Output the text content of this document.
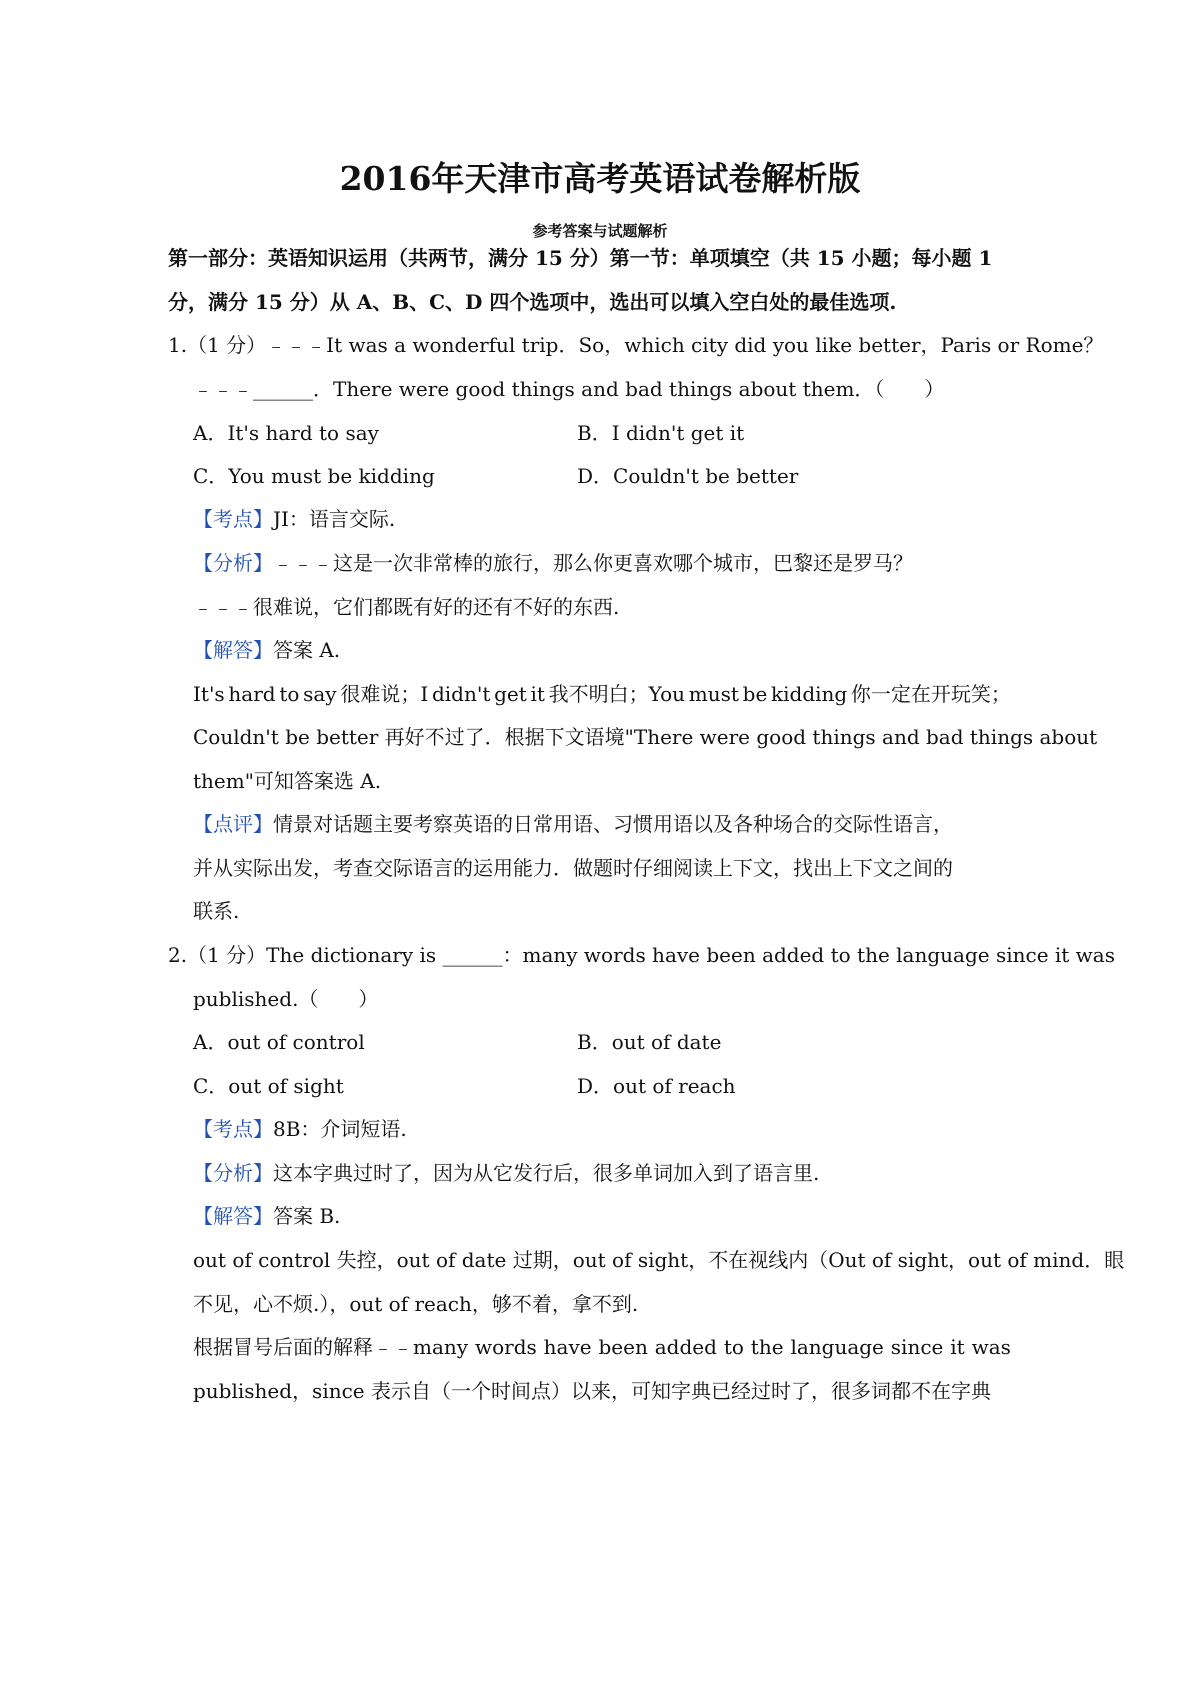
2016年天津市高考英语试卷解析版
参考答案与试题解析
第一部分：英语知识运用（共两节，满分 15 分）第一节：单项填空（共 15 小题；每小题 1
分，满分 15 分）从 A、B、C、D 四个选项中，选出可以填入空白处的最佳选项.
1.（1 分）﹣﹣﹣It was a wonderful trip．So，which city did you like better，Paris or Rome？
﹣﹣﹣______．There were good things and bad things about them．（　　）
A．It's hard to say	B．I didn't get it
C．You must be kidding	D．Couldn't be better
【考点】JI：语言交际.
【分析】﹣﹣﹣这是一次非常棒的旅行，那么你更喜欢哪个城市，巴黎还是罗马？
﹣﹣﹣很难说，它们都既有好的还有不好的东西.
【解答】答案 A.
It's hard to say 很难说；I didn't get it 我不明白；You must be kidding 你一定在开玩笑；
Couldn't be better 再好不过了．根据下文语境"There were good things and bad things about
them"可知答案选 A.
【点评】情景对话题主要考察英语的日常用语、习惯用语以及各种场合的交际性语言，
并从实际出发，考查交际语言的运用能力．做题时仔细阅读上下文，找出上下文之间的
联系.
2.（1 分）The dictionary is ______：many words have been added to the language since it was
published.（　　）
A．out of control	B．out of date
C．out of sight	D．out of reach
【考点】8B：介词短语.
【分析】这本字典过时了，因为从它发行后，很多单词加入到了语言里.
【解答】答案 B.
out of control 失控，out of date 过期，out of sight，不在视线内（Out of sight，out of mind．眼
不见，心不烦.），out of reach，够不着，拿不到.
根据冒号后面的解释﹣﹣many words have been added to the language since it was
published，since 表示自（一个时间点）以来，可知字典已经过时了，很多词都不在字典
